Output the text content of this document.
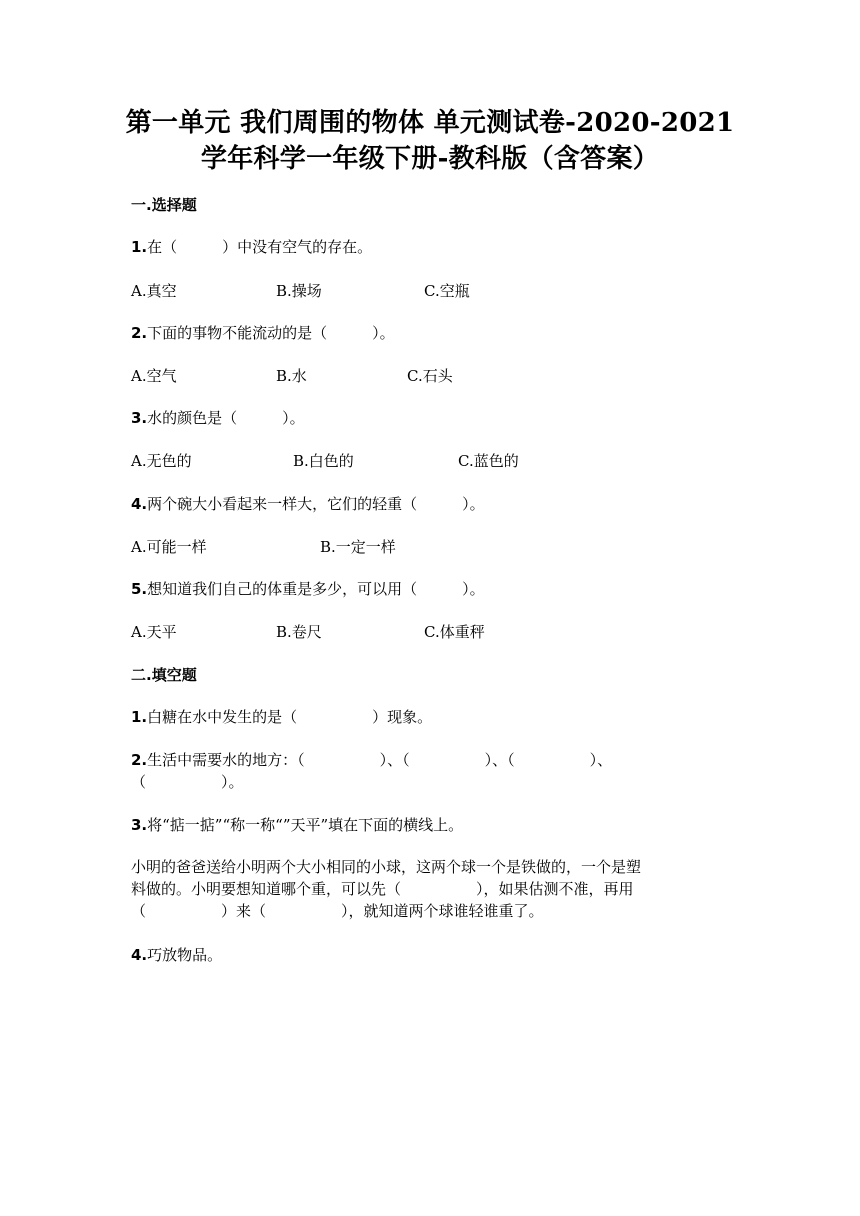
第一单元 我们周围的物体 单元测试卷-2020-2021
学年科学一年级下册-教科版（含答案）
一.选择题
1.在（　　　）中没有空气的存在。
A.真空	B.操场	C.空瓶
2.下面的事物不能流动的是（　　　）。
A.空气	B.水	C.石头
3.水的颜色是（　　　）。
A.无色的	B.白色的	C.蓝色的
4.两个碗大小看起来一样大，它们的轻重（　　　）。
A.可能一样	B.一定一样
5.想知道我们自己的体重是多少，可以用（　　　）。
A.天平	B.卷尺	C.体重秤
二.填空题
1.白糖在水中发生的是（　　　　　）现象。
2.生活中需要水的地方：（　　　　　）、（　　　　　）、（　　　　　）、
（　　　　　）。
3.将“掂一掂”“称一称“”天平”填在下面的横线上。
小明的爸爸送给小明两个大小相同的小球，这两个球一个是铁做的，一个是塑
料做的。小明要想知道哪个重，可以先（　　　　　），如果估测不准，再用
（　　　　　）来（　　　　　），就知道两个球谁轻谁重了。
4.巧放物品。
